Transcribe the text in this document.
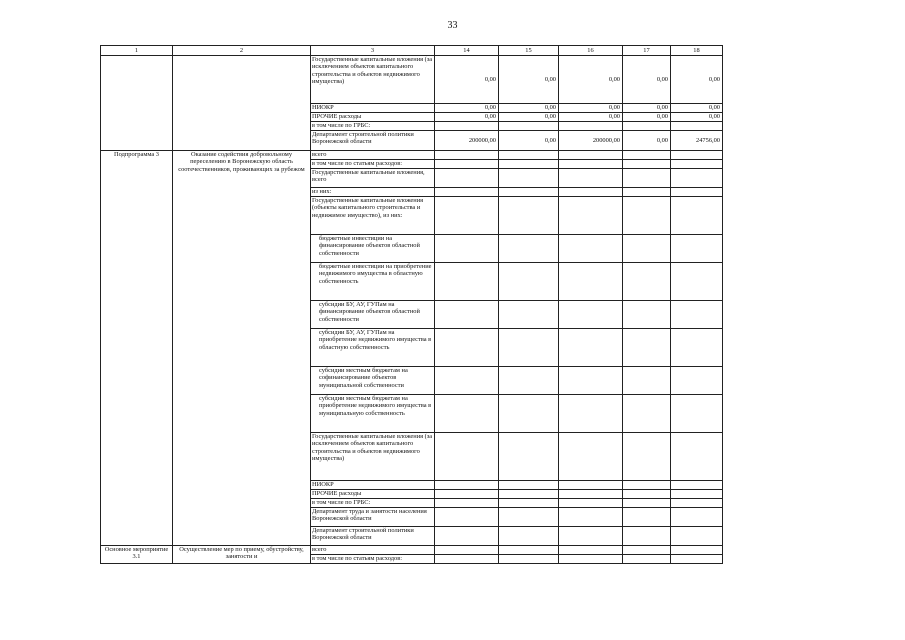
33
1	2	3	14	15	16	17	18
		Государственные капитальные вложения (за исключением объектов капитального строительства и объектов недвижимого имущества)	0,00	0,00	0,00	0,00	0,00
		НИОКР	0,00	0,00	0,00	0,00	0,00
		ПРОЧИЕ расходы	0,00	0,00	0,00	0,00	0,00
		в том числе по ГРБС:					
		Департамент строительной политики Воронежской области	200000,00	0,00	200000,00	0,00	24756,00
Подпрограмма 3	Оказание содействия добровольному переселению в Воронежскую область соотечественников, проживающих за рубежом	всего					
		в том числе по статьям расходов:					
		Государственные капитальные вложения, всего					
		из них:					
		Государственные капитальные вложения (объекты капитального строительства и недвижимое имущество), из них:					
		бюджетные инвестиции на финансирование объектов областной собственности					
		бюджетные инвестиции на приобретение недвижимого имущества в областную собственность					
		субсидии БУ, АУ, ГУПам на финансирование объектов областной собственности					
		субсидии БУ, АУ, ГУПам на приобретение недвижимого имущества в областную собственность					
		субсидии местным бюджетам на софинансирование объектов муниципальной собственности					
		субсидии местным бюджетам на приобретение недвижимого имущества в муниципальную собственность					
		Государственные капитальные вложения (за исключением объектов капитального строительства и объектов недвижимого имущества)					
		НИОКР					
		ПРОЧИЕ расходы					
		в том числе по ГРБС:					
		Департамент труда и занятости населения Воронежской области					
		Департамент строительной политики Воронежской области					
Основное мероприятие 3.1	Осуществление мер по приему, обустройству, занятости и	всего					
		в том числе по статьям расходов:					
